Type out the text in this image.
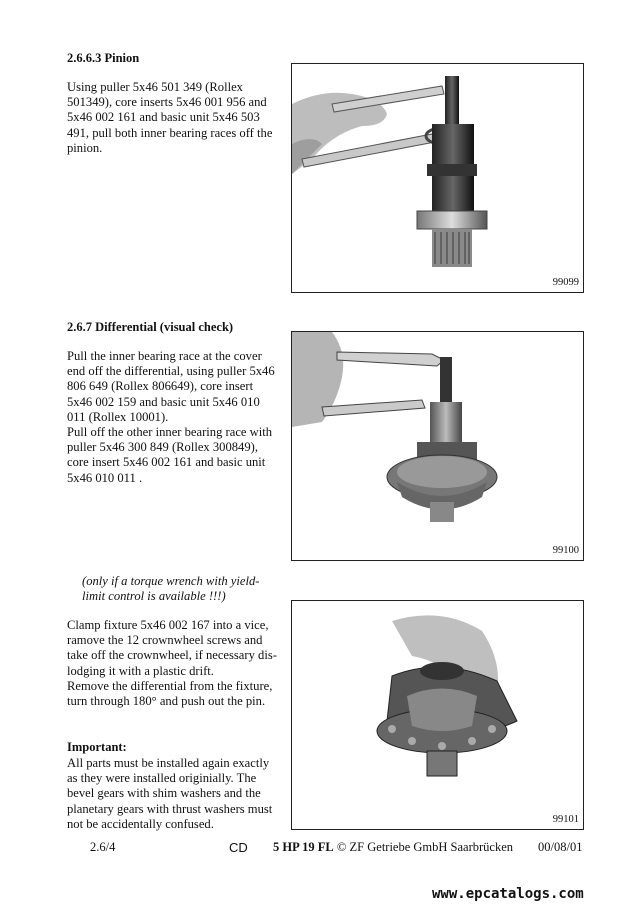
2.6.6.3 Pinion
Using puller 5x46 501 349 (Rollex
501349), core inserts 5x46 001 956 and
5x46 002 161 and basic unit 5x46 503
491, pull both inner bearing races off the
pinion.
99099
2.6.7 Differential (visual check)
Pull the inner bearing race at the cover
end off the differential, using puller 5x46
806 649 (Rollex 806649), core insert
5x46 002 159 and basic unit 5x46 010
011 (Rollex 10001).
Pull off the other inner bearing race with
puller 5x46 300 849 (Rollex 300849),
core insert 5x46 002 161 and basic unit
5x46 010 011 .
99100
(only if a torque wrench with yield-
limit control is available !!!)
Clamp fixture 5x46 002 167 into a vice,
ramove the 12 crownwheel screws and
take off the crownwheel, if necessary dis-
lodging it with a plastic drift.
Remove the differential from the fixture,
turn through 180° and push out the pin.
Important:
All parts must be installed again exactly
as they were installed originially. The
bevel gears with shim washers and the
planetary gears with thrust washers must
not be accidentally confused.	99101
2.6/4	CD 5 HP 19 FL © ZF Getriebe GmbH Saarbrücken 00/08/01
www.epcatalogs.com
